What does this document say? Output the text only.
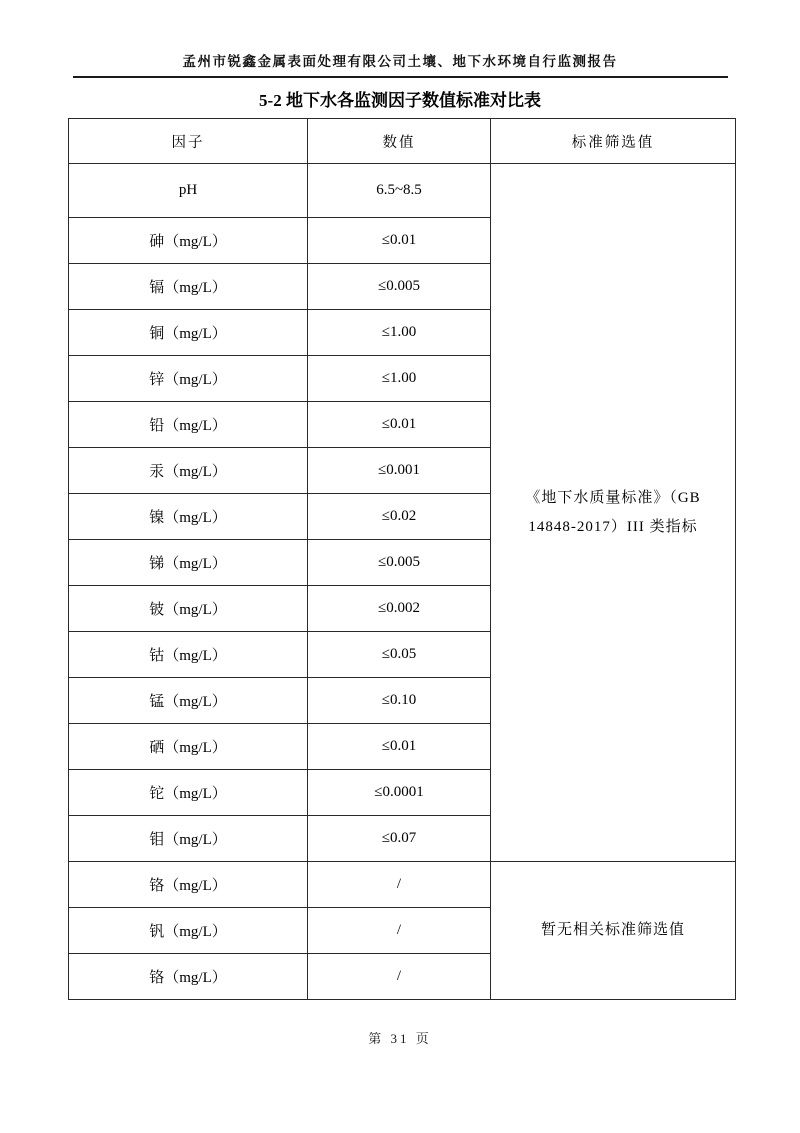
孟州市锐鑫金属表面处理有限公司土壤、地下水环境自行监测报告
5-2 地下水各监测因子数值标准对比表
因子	数值	标准筛选值
pH	6.5~8.5	《地下水质量标准》（GB 14848-2017）III 类指标
砷（mg/L）	≤0.01	
镉（mg/L）	≤0.005	
铜（mg/L）	≤1.00	
锌（mg/L）	≤1.00	
铅（mg/L）	≤0.01	
汞（mg/L）	≤0.001	
镍（mg/L）	≤0.02	
锑（mg/L）	≤0.005	
铍（mg/L）	≤0.002	
钴（mg/L）	≤0.05	
锰（mg/L）	≤0.10	
硒（mg/L）	≤0.01	
铊（mg/L）	≤0.0001	
钼（mg/L）	≤0.07	
铬（mg/L）	/	暂无相关标准筛选值
钒（mg/L）	/	
铬（mg/L）	/	
第 31 页
